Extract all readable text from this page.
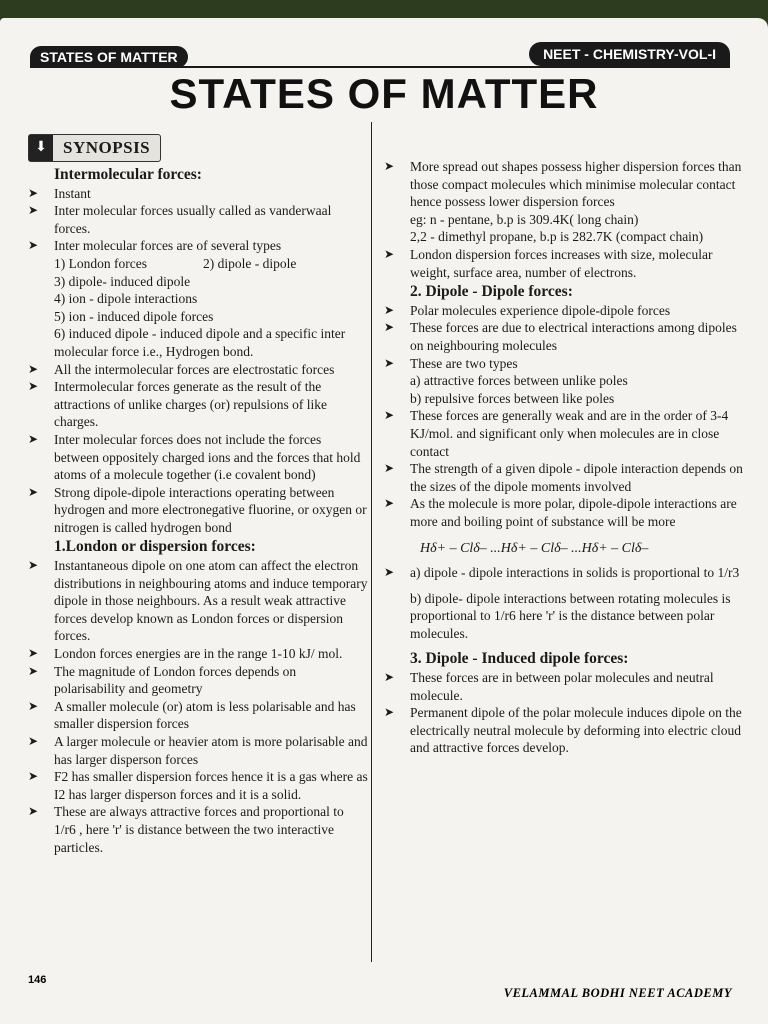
STATES OF MATTER	NEET - CHEMISTRY-VOL-I
STATES OF MATTER
⬇ SYNOPSIS
Intermolecular forces:

➤ Instant

➤ Inter molecular forces usually called as vanderwaal forces.

➤ Inter molecular forces are of several types

1) London forces	2) dipole - dipole
3) dipole- induced dipole
4) ion - dipole interactions
5) ion - induced dipole forces
6) induced dipole - induced dipole and a specific inter molecular force i.e., Hydrogen bond.

➤ All the intermolecular forces are electrostatic forces

➤ Intermolecular forces generate as the result of the attractions of unlike charges (or) repulsions of like charges.

➤ Inter molecular forces does not include the forces between oppositely charged ions and the forces that hold atoms of a molecule together (i.e covalent bond)

➤ Strong dipole-dipole interactions operating between hydrogen and more electronegative fluorine, or oxygen or nitrogen is called hydrogen bond

1.London or dispersion forces:

➤ Instantaneous dipole on one atom can affect the electron distributions in neighbouring atoms and induce temporary dipole in those neighbours. As a result weak attractive forces develop known as London forces or dispersion forces.

➤ London forces energies are in the range 1-10 kJ/ mol.

➤ The magnitude of London forces depends on polarisability and geometry

➤ A smaller molecule (or) atom is less polarisable and has smaller dispersion forces

➤ A larger molecule or heavier atom is more polarisable and has larger disperson forces

➤ F2 has smaller dispersion forces hence it is a gas where as I2 has larger disperson forces and it is a solid.

➤ These are always attractive forces and proportional to 1/r6 , here 'r' is distance between the two interactive particles.

➤ More spread out shapes possess higher dispersion forces than those compact molecules which minimise molecular contact hence possess lower dispersion forces

eg: n - pentane, b.p is 309.4K( long chain)
2,2 - dimethyl propane, b.p is 282.7K (compact chain)

➤ London dispersion forces increases with size, molecular weight, surface area, number of electrons.

2. Dipole - Dipole forces:

➤ Polar molecules experience dipole-dipole forces

➤ These forces are due to electrical interactions among dipoles on neighbouring molecules

➤ These are two types

a) attractive forces between unlike poles
b) repulsive forces between like poles

➤ These forces are generally weak and are in the order of 3-4 KJ/mol. and significant only when molecules are in close contact

➤ The strength of a given dipole - dipole interaction depends on the sizes of the dipole moments involved

➤ As the molecule is more polar, dipole-dipole interactions are more and boiling point of substance will be more

Hδ+ – Clδ– ...Hδ+ – Clδ– ...Hδ+ – Clδ–

➤ a) dipole - dipole interactions in solids is proportional to 1/r3

b) dipole- dipole interactions between rotating molecules is proportional to 1/r6 here 'r' is the distance between polar molecules.
3. Dipole - Induced dipole forces:

➤ These forces are in between polar molecules and neutral molecule.

➤ Permanent dipole of the polar molecule induces dipole on the electrically neutral molecule by deforming into electric cloud and attractive forces develop.

146
VELAMMAL BODHI NEET ACADEMY
